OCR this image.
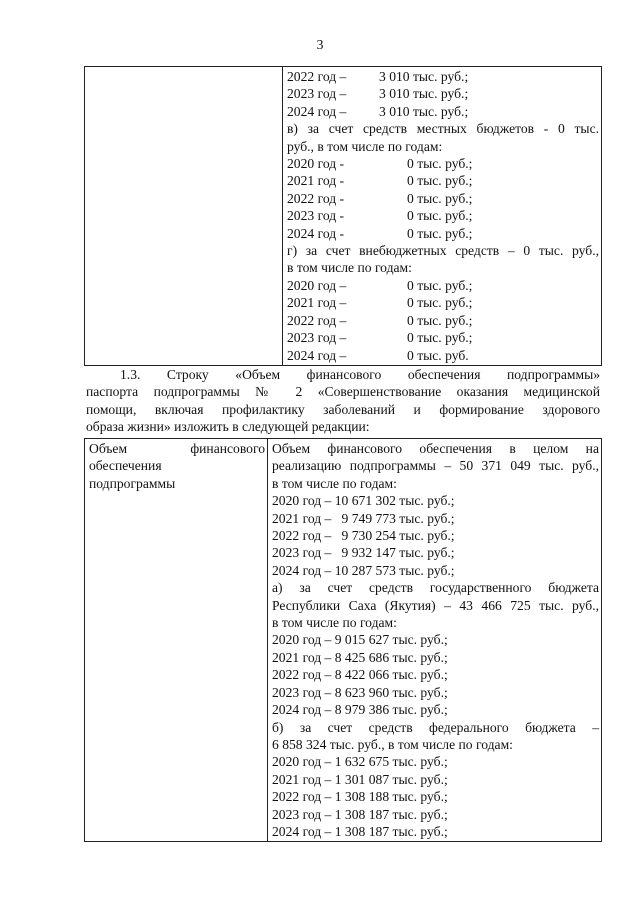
3

2022 год –	3 010 тыс. руб.;
2023 год –	3 010 тыс. руб.;
2024 год –	3 010 тыс. руб.;
в) за счет средств местных бюджетов - 0 тыс.
руб., в том числе по годам:
2020 год -	0 тыс. руб.;
2021 год -	0 тыс. руб.;
2022 год -	0 тыс. руб.;
2023 год -	0 тыс. руб.;
2024 год -	0 тыс. руб.;
г) за счет внебюджетных средств – 0 тыс. руб.,
в том числе по годам:
2020 год –	0 тыс. руб.;
2021 год –	0 тыс. руб.;
2022 год –	0 тыс. руб.;
2023 год –	0 тыс. руб.;
2024 год –	0 тыс. руб.
1.3. Строку «Объем финансового обеспечения подпрограммы»
паспорта подпрограммы № 2 «Совершенствование оказания медицинской
помощи, включая профилактику заболеваний и формирование здорового
образа жизни» изложить в следующей редакции:
Объем финансового
обеспечения
подпрограммы

Объем финансового обеспечения в целом на
реализацию подпрограммы – 50 371 049 тыс. руб.,
в том числе по годам:
2020 год – 10 671 302 тыс. руб.;
2021 год –   9 749 773 тыс. руб.;
2022 год –   9 730 254 тыс. руб.;
2023 год –   9 932 147 тыс. руб.;
2024 год – 10 287 573 тыс. руб.;
а) за счет средств государственного бюджета
Республики Саха (Якутия) – 43 466 725 тыс. руб.,
в том числе по годам:
2020 год – 9 015 627 тыс. руб.;
2021 год – 8 425 686 тыс. руб.;
2022 год – 8 422 066 тыс. руб.;
2023 год – 8 623 960 тыс. руб.;
2024 год – 8 979 386 тыс. руб.;
б) за счет средств федерального бюджета –
6 858 324 тыс. руб., в том числе по годам:
2020 год – 1 632 675 тыс. руб.;
2021 год – 1 301 087 тыс. руб.;
2022 год – 1 308 188 тыс. руб.;
2023 год – 1 308 187 тыс. руб.;
2024 год – 1 308 187 тыс. руб.;
